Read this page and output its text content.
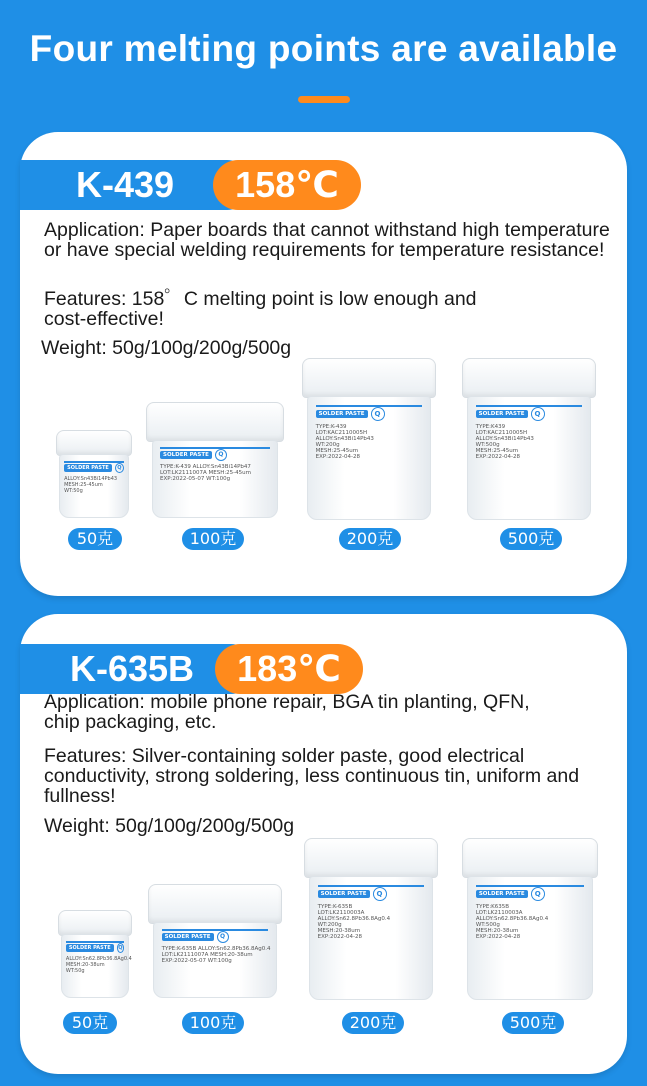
Four melting points are available
K-439	158℃
Application: Paper boards that cannot withstand high temperature or have special welding requirements for temperature resistance!
Features: 158゜C melting point is low enough and cost-effective!
Weight: 50g/100g/200g/500g
SOLDER PASTE	Q
ALLOY:Sn43Bi14Pb43
MESH:25-45um
WT:50g
SOLDER PASTE	Q
TYPE:K-439 ALLOY:Sn43Bi14Pb47
LOT:LK2111007A MESH:25-45um
EXP:2022-05-07 WT:100g
SOLDER PASTE	Q
TYPE:K-439
LOT:KAC2110005H
ALLOY:Sn43Bi14Pb43
WT:200g
MESH:25-45um
EXP:2022-04-28
SOLDER PASTE	Q
TYPE:K439
LOT:KAC2110005H
ALLOY:Sn43Bi14Pb43
WT:500g
MESH:25-45um
EXP:2022-04-28
50克	100克	200克	500克
K-635B	183℃
Application: mobile phone repair, BGA tin planting, QFN, chip packaging, etc.
Features: Silver-containing solder paste, good electrical conductivity, strong soldering, less continuous tin, uniform and fullness!
Weight: 50g/100g/200g/500g
SOLDER PASTE	Q
ALLOY:Sn62.8Pb36.8Ag0.4
MESH:20-38um
WT:50g
SOLDER PASTE	Q
TYPE:K-635B ALLOY:Sn62.8Pb36.8Ag0.4
LOT:LK2111007A MESH:20-38um
EXP:2022-05-07 WT:100g
SOLDER PASTE	Q
TYPE:K-635B
LOT:LK2110003A
ALLOY:Sn62.8Pb36.8Ag0.4
WT:200g
MESH:20-38um
EXP:2022-04-28
SOLDER PASTE	Q
TYPE:K635B
LOT:LK2110003A
ALLOY:Sn62.8Pb36.8Ag0.4
WT:500g
MESH:20-38um
EXP:2022-04-28
50克	100克	200克	500克
